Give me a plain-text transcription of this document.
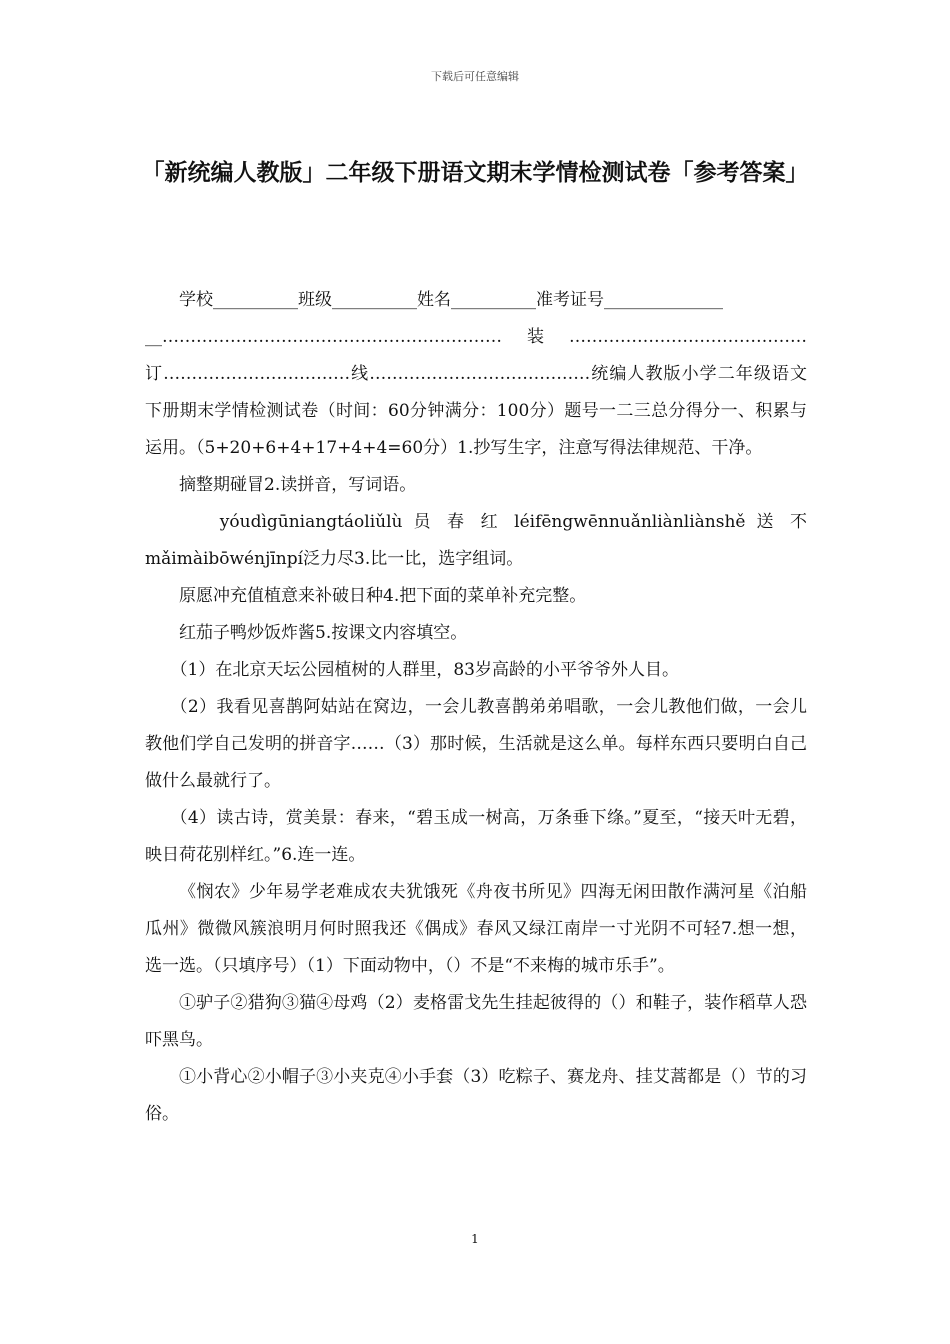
下载后可任意编辑
「新统编人教版」二年级下册语文期末学情检测试卷「参考答案」

学校__________班级__________姓名__________准考证号______________

__……………………………………………………装……………………………………订……………………………线…………………………………统编人教版小学二年级语文下册期末学情检测试卷（时间：60分钟满分：100分）题号一二三总分得分一、积累与运用。（5+20+6+4+17+4+4=60分）1.抄写生字，注意写得法律规范、干净。

摘整期碰冒2.读拼音，写词语。

yóudìgūniangtáoliǔlù 员 春 红 léifēngwēnnuǎnliànliànshě 送 不mǎimàibōwénjīnpí泛力尽3.比一比，选字组词。

原愿冲充值植意来补破日种4.把下面的菜单补充完整。

红茄子鸭炒饭炸酱5.按课文内容填空。

（1）在北京天坛公园植树的人群里，83岁高龄的小平爷爷外人目。

（2）我看见喜鹊阿姑站在窝边，一会儿教喜鹊弟弟唱歌，一会儿教他们做，一会儿教他们学自己发明的拼音字……（3）那时候，生活就是这么单。每样东西只要明白自己做什么最就行了。

（4）读古诗，赏美景：春来，“碧玉成一树高，万条垂下绦。”夏至，“接天叶无碧，映日荷花别样红。”6.连一连。

《悯农》少年易学老难成农夫犹饿死《舟夜书所见》四海无闲田散作满河星《泊船瓜州》微微风簇浪明月何时照我还《偶成》春风又绿江南岸一寸光阴不可轻7.想一想，选一选。（只填序号）（1）下面动物中，（）不是“不来梅的城市乐手”。

①驴子②猎狗③猫④母鸡（2）麦格雷戈先生挂起彼得的（）和鞋子，装作稻草人恐吓黑鸟。

①小背心②小帽子③小夹克④小手套（3）吃粽子、赛龙舟、挂艾蒿都是（）节的习俗。

1
